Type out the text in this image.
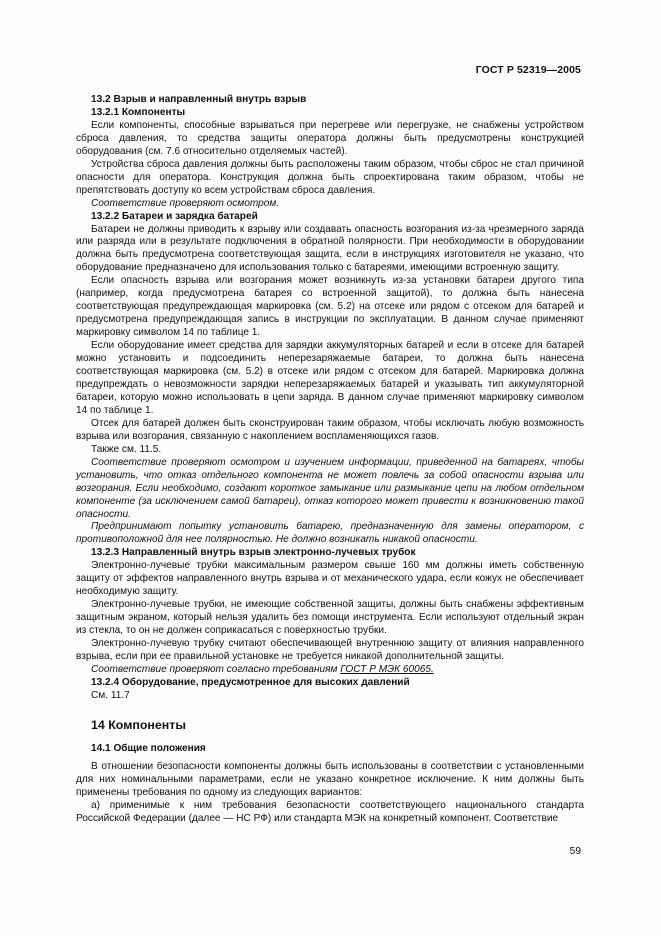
ГОСТ Р 52319—2005

13.2 Взрыв и направленный внутрь взрыв

13.2.1 Компоненты

Если компоненты, способные взрываться при перегреве или перегрузке, не снабжены устройством сброса давления, то средства защиты оператора должны быть предусмотрены конструкцией оборудования (см. 7.6 относительно отделяемых частей).

Устройства сброса давления должны быть расположены таким образом, чтобы сброс не стал причиной опасности для оператора. Конструкция должна быть спроектирована таким образом, чтобы не препятствовать доступу ко всем устройствам сброса давления.

Соответствие проверяют осмотром.

13.2.2 Батареи и зарядка батарей

Батареи не должны приводить к взрыву или создавать опасность возгорания из-за чрезмерного заряда или разряда или в результате подключения в обратной полярности. При необходимости в оборудовании должна быть предусмотрена соответствующая защита, если в инструкциях изготовителя не указано, что оборудование предназначено для использования только с батареями, имеющими встроенную защиту.

Если опасность взрыва или возгорания может возникнуть из-за установки батареи другого типа (например, когда предусмотрена батарея со встроенной защитой), то должна быть нанесена соответствующая предупреждающая маркировка (см. 5.2) на отсеке или рядом с отсеком для батарей и предусмотрена предупреждающая запись в инструкции по эксплуатации. В данном случае применяют маркировку символом 14 по таблице 1.

Если оборудование имеет средства для зарядки аккумуляторных батарей и если в отсеке для батарей можно установить и подсоединить неперезаряжаемые батареи, то должна быть нанесена соответствующая маркировка (см. 5.2) в отсеке или рядом с отсеком для батарей. Маркировка должна предупреждать о невозможности зарядки неперезаряжаемых батарей и указывать тип аккумуляторной батареи, которую можно использовать в цепи заряда. В данном случае применяют маркировку символом 14 по таблице 1.

Отсек для батарей должен быть сконструирован таким образом, чтобы исключать любую возможность взрыва или возгорания, связанную с накоплением воспламеняющихся газов.

Также см. 11.5.

Соответствие проверяют осмотром и изучением информации, приведенной на батареях, чтобы установить, что отказ отдельного компонента не может повлечь за собой опасности взрыва или возгорания. Если необходимо, создают короткое замыкание или размыкание цепи на любом отдельном компоненте (за исключением самой батареи), отказ которого может привести к возникновению такой опасности.

Предпринимают попытку установить батарею, предназначенную для замены оператором, с противоположной для нее полярностью. Не должно возникать никакой опасности.

13.2.3 Направленный внутрь взрыв электронно-лучевых трубок

Электронно-лучевые трубки максимальным размером свыше 160 мм должны иметь собственную защиту от эффектов направленного внутрь взрыва и от механического удара, если кожух не обеспечивает необходимую защиту.

Электронно-лучевые трубки, не имеющие собственной защиты, должны быть снабжены эффективным защитным экраном, который нельзя удалить без помощи инструмента. Если используют отдельный экран из стекла, то он не должен соприкасаться с поверхностью трубки.

Электронно-лучевую трубку считают обеспечивающей внутреннюю защиту от влияния направленного взрыва, если при ее правильной установке не требуется никакой дополнительной защиты.

Соответствие проверяют согласно требованиям ГОСТ Р МЭК 60065.

13.2.4 Оборудование, предусмотренное для высоких давлений

См. 11.7

14 Компоненты

14.1 Общие положения

В отношении безопасности компоненты должны быть использованы в соответствии с установленными для них номинальными параметрами, если не указано конкретное исключение. К ним должны быть применены требования по одному из следующих вариантов:

а) применимые к ним требования безопасности соответствующего национального стандарта Российской Федерации (далее — НС РФ) или стандарта МЭК на конкретный компонент. Соответствие

59
